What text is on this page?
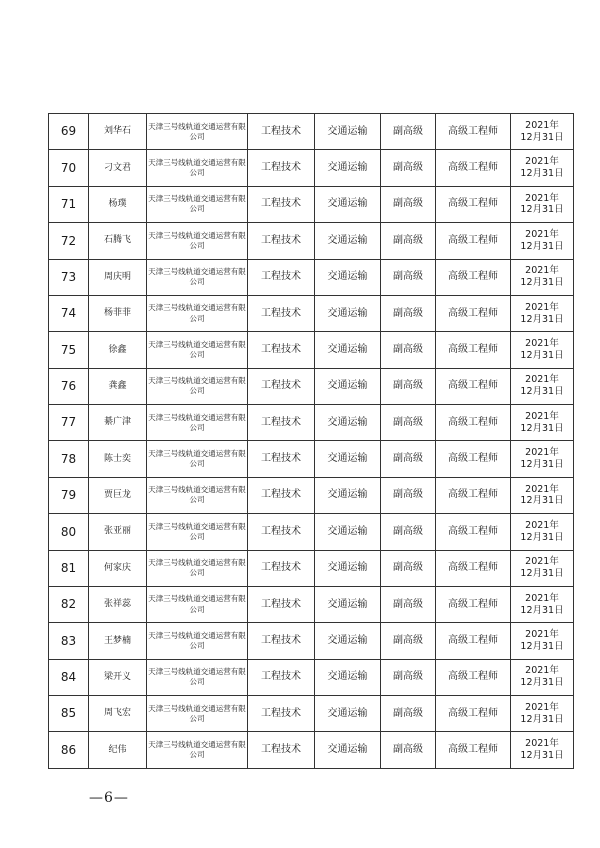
69	刘华石	天津三号线轨道交通运营有限公司	工程技术	交通运输	副高级	高级工程师	2021年
12月31日

70	刁文君	天津三号线轨道交通运营有限公司	工程技术	交通运输	副高级	高级工程师	2021年
12月31日

71	杨璞	天津三号线轨道交通运营有限公司	工程技术	交通运输	副高级	高级工程师	2021年
12月31日

72	石腾飞	天津三号线轨道交通运营有限公司	工程技术	交通运输	副高级	高级工程师	2021年
12月31日

73	周庆明	天津三号线轨道交通运营有限公司	工程技术	交通运输	副高级	高级工程师	2021年
12月31日

74	杨菲菲	天津三号线轨道交通运营有限公司	工程技术	交通运输	副高级	高级工程师	2021年
12月31日

75	徐鑫	天津三号线轨道交通运营有限公司	工程技术	交通运输	副高级	高级工程师	2021年
12月31日

76	龚鑫	天津三号线轨道交通运营有限公司	工程技术	交通运输	副高级	高级工程师	2021年
12月31日

77	綦广津	天津三号线轨道交通运营有限公司	工程技术	交通运输	副高级	高级工程师	2021年
12月31日

78	陈士奕	天津三号线轨道交通运营有限公司	工程技术	交通运输	副高级	高级工程师	2021年
12月31日

79	贾巨龙	天津三号线轨道交通运营有限公司	工程技术	交通运输	副高级	高级工程师	2021年
12月31日

80	张亚丽	天津三号线轨道交通运营有限公司	工程技术	交通运输	副高级	高级工程师	2021年
12月31日

81	何家庆	天津三号线轨道交通运营有限公司	工程技术	交通运输	副高级	高级工程师	2021年
12月31日

82	张祥蕊	天津三号线轨道交通运营有限公司	工程技术	交通运输	副高级	高级工程师	2021年
12月31日

83	王梦楠	天津三号线轨道交通运营有限公司	工程技术	交通运输	副高级	高级工程师	2021年
12月31日

84	梁开义	天津三号线轨道交通运营有限公司	工程技术	交通运输	副高级	高级工程师	2021年
12月31日

85	周飞宏	天津三号线轨道交通运营有限公司	工程技术	交通运输	副高级	高级工程师	2021年
12月31日

86	纪伟	天津三号线轨道交通运营有限公司	工程技术	交通运输	副高级	高级工程师	2021年
12月31日
—6—
